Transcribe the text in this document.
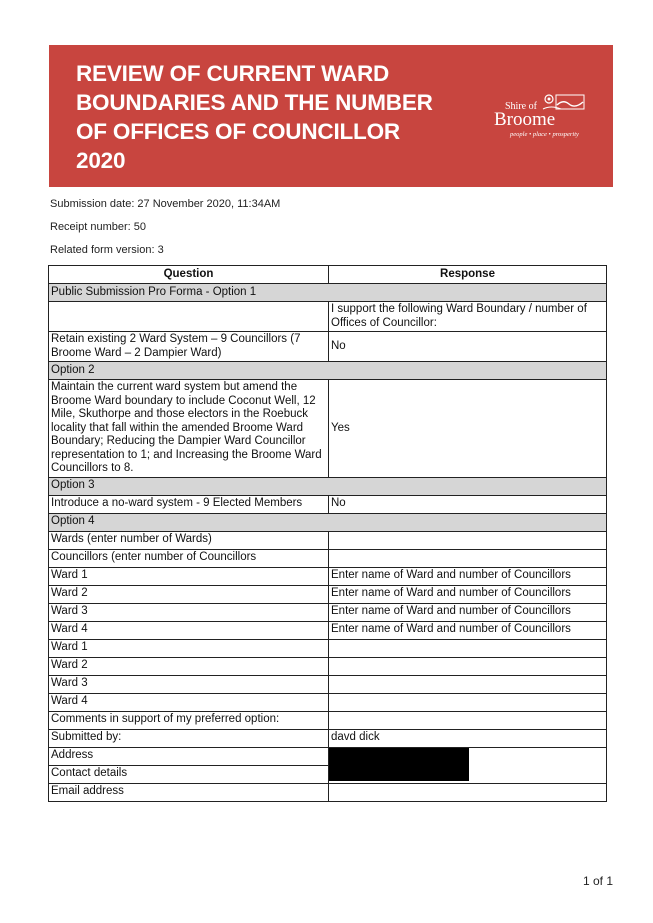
REVIEW OF CURRENT WARD
BOUNDARIES AND THE NUMBER
OF OFFICES OF COUNCILLOR
2020
Shire of
Broome
people • place • prosperity
Submission date: 27 November 2020, 11:34AM
Receipt number: 50
Related form version: 3
Question	Response
Public Submission Pro Forma - Option 1	
	I support the following Ward Boundary / number of Offices of Councillor:
Retain existing 2 Ward System – 9 Councillors (7 Broome Ward – 2 Dampier Ward)	No
Option 2	
Maintain the current ward system but amend the Broome Ward boundary to include Coconut Well, 12 Mile, Skuthorpe and those electors in the Roebuck locality that fall within the amended Broome Ward Boundary; Reducing the Dampier Ward Councillor representation to 1; and Increasing the Broome Ward Councillors to 8.	Yes
Option 3	
Introduce a no-ward system - 9 Elected Members	No
Option 4	
Wards (enter number of Wards)	
Councillors (enter number of Councillors	
Ward 1	Enter name of Ward and number of Councillors
Ward 2	Enter name of Ward and number of Councillors
Ward 3	Enter name of Ward and number of Councillors
Ward 4	Enter name of Ward and number of Councillors
Ward 1	
Ward 2	
Ward 3	
Ward 4	
Comments in support of my preferred option:	
Submitted by:	davd dick
Address	
Contact details	
Email address	
1 of 1
